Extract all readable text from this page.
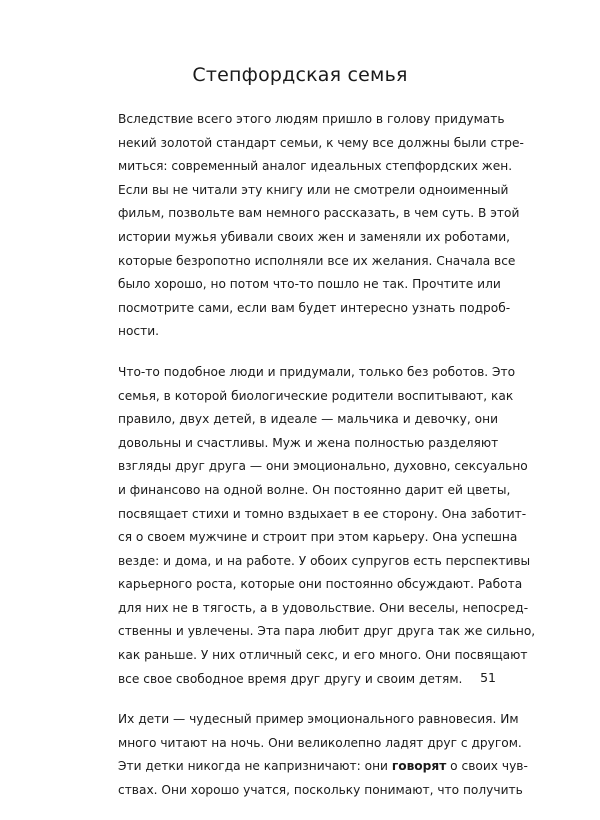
Степфордская семья
Вследствие всего этого людям пришло в голову придумать
некий золотой стандарт семьи, к чему все должны были стре-
миться: современный аналог идеальных степфордских жен.
Если вы не читали эту книгу или не смотрели одноименный
фильм, позвольте вам немного рассказать, в чем суть. В этой
истории мужья убивали своих жен и заменяли их роботами,
которые безропотно исполняли все их желания. Сначала все
было хорошо, но потом что-то пошло не так. Прочтите или
посмотрите сами, если вам будет интересно узнать подроб-
ности.
Что-то подобное люди и придумали, только без роботов. Это
семья, в которой биологические родители воспитывают, как
правило, двух детей, в идеале — мальчика и девочку, они
довольны и счастливы. Муж и жена полностью разделяют
взгляды друг друга — они эмоционально, духовно, сексуально
и финансово на одной волне. Он постоянно дарит ей цветы,
посвящает стихи и томно вздыхает в ее сторону. Она заботит-
ся о своем мужчине и строит при этом карьеру. Она успешна
везде: и дома, и на работе. У обоих супругов есть перспективы
карьерного роста, которые они постоянно обсуждают. Работа
для них не в тягость, а в удовольствие. Они веселы, непосред-
ственны и увлечены. Эта пара любит друг друга так же сильно,
как раньше. У них отличный секс, и его много. Они посвящают
все свое свободное время друг другу и своим детям.
Их дети — чудесный пример эмоционального равновесия. Им
много читают на ночь. Они великолепно ладят друг с другом.
Эти детки никогда не капризничают: они говорят о своих чув-
ствах. Они хорошо учатся, поскольку понимают, что получить
51
